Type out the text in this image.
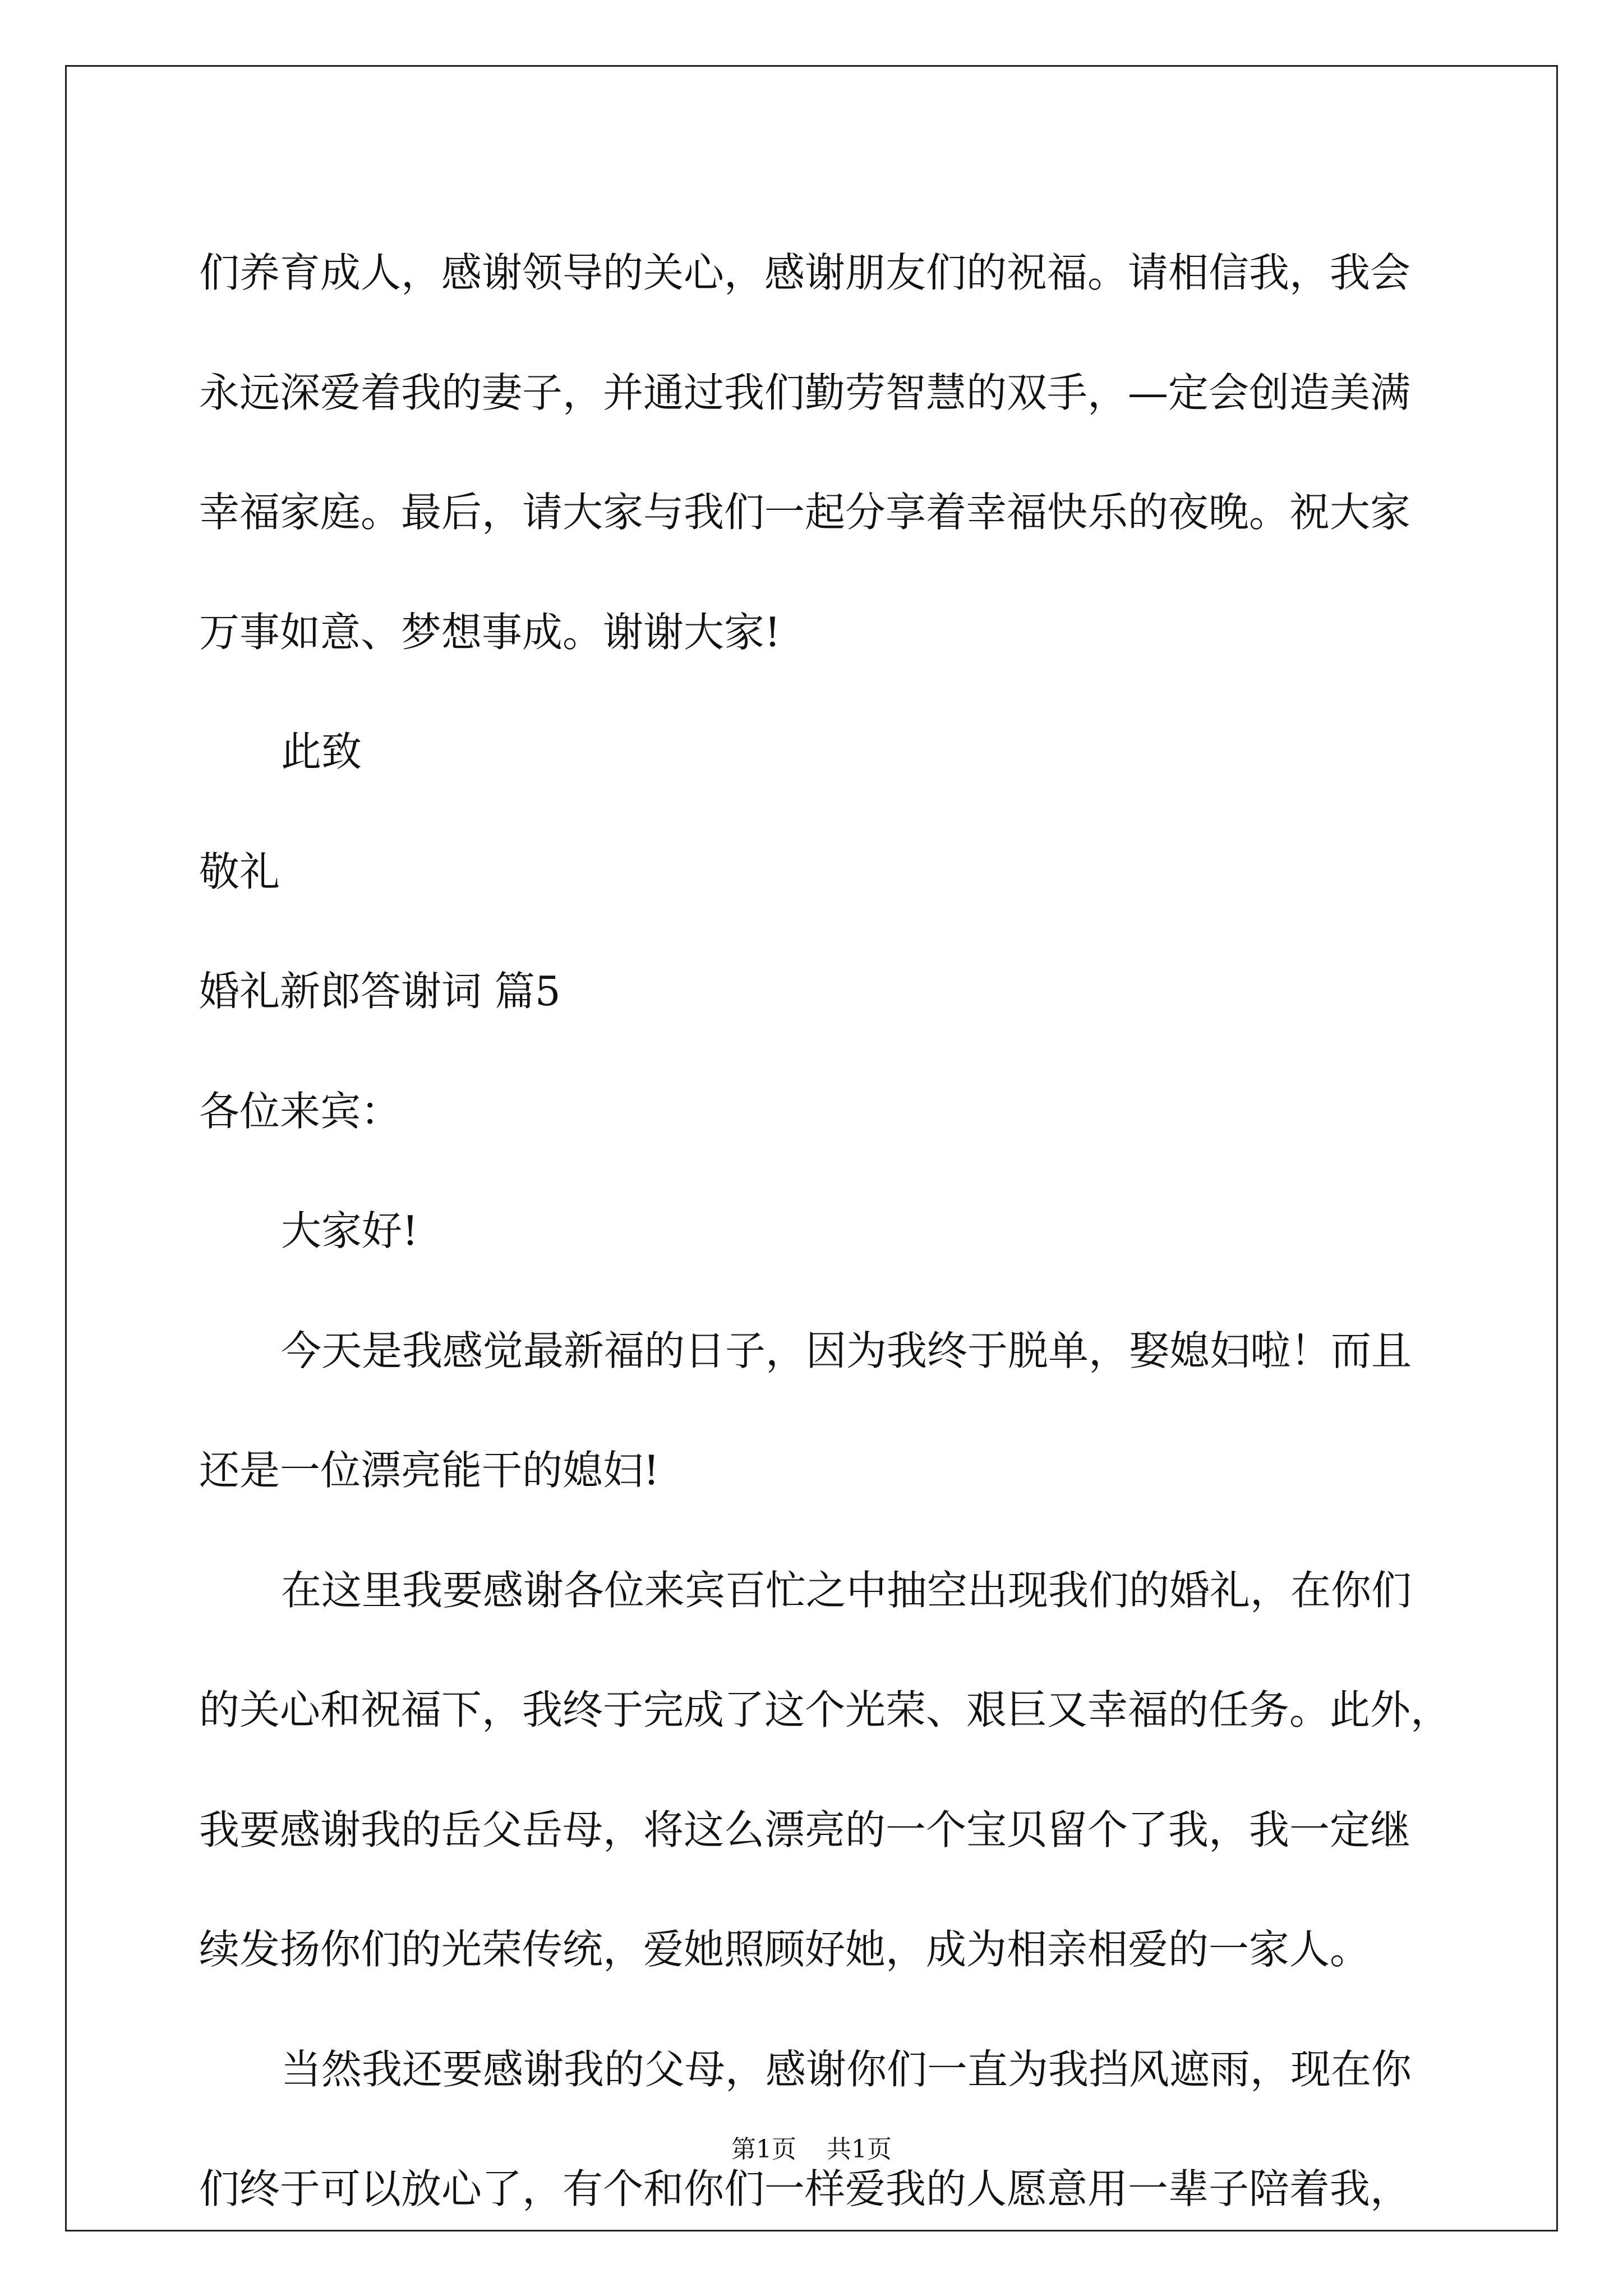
们养育成人，感谢领导的关心，感谢朋友们的祝福。请相信我，我会
永远深爱着我的妻子，并通过我们勤劳智慧的双手，—定会创造美满
幸福家庭。最后，请大家与我们一起分享着幸福快乐的夜晚。祝大家
万事如意、梦想事成。谢谢大家!
此致
敬礼
婚礼新郎答谢词 篇5
各位来宾：
大家好!
今天是我感觉最新福的日子，因为我终于脱单，娶媳妇啦！而且
还是一位漂亮能干的媳妇!
在这里我要感谢各位来宾百忙之中抽空出现我们的婚礼，在你们
的关心和祝福下，我终于完成了这个光荣、艰巨又幸福的任务。此外，
我要感谢我的岳父岳母，将这么漂亮的一个宝贝留个了我，我一定继
续发扬你们的光荣传统，爱她照顾好她，成为相亲相爱的一家人。
当然我还要感谢我的父母，感谢你们一直为我挡风遮雨，现在你
们终于可以放心了，有个和你们一样爱我的人愿意用一辈子陪着我，
第1页 共1页
